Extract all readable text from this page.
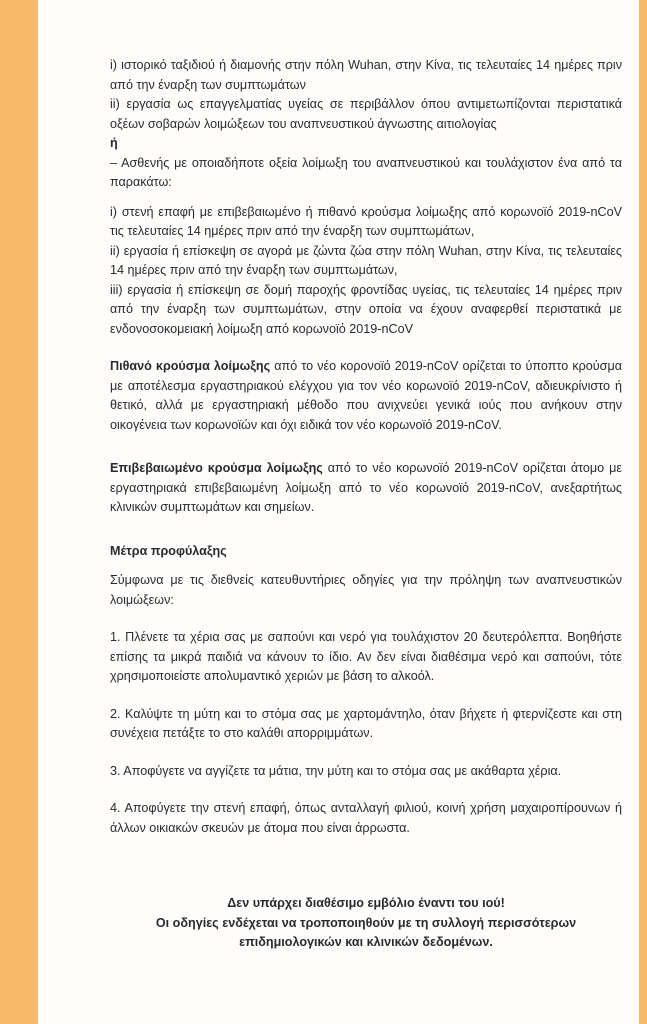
i) ιστορικό ταξιδιού ή διαμονής στην πόλη Wuhan, στην Κίνα, τις τελευταίες 14 ημέρες πριν από την έναρξη των συμπτωμάτων

ii) εργασία ως επαγγελματίας υγείας σε περιβάλλον όπου αντιμετωπίζονται περιστατικά οξέων σοβαρών λοιμώξεων του αναπνευστικού άγνωστης αιτιολογίας

ή

– Ασθενής με οποιαδήποτε οξεία λοίμωξη του αναπνευστικού και τουλάχιστον ένα από τα παρακάτω:

i) στενή επαφή με επιβεβαιωμένο ή πιθανό κρούσμα λοίμωξης από κορωνοϊό 2019-nCoV τις τελευταίες 14 ημέρες πριν από την έναρξη των συμπτωμάτων,

ii) εργασία ή επίσκεψη σε αγορά με ζώντα ζώα στην πόλη Wuhan, στην Κίνα, τις τελευταίες 14 ημέρες πριν από την έναρξη των συμπτωμάτων,

iii) εργασία ή επίσκεψη σε δομή παροχής φροντίδας υγείας, τις τελευταίες 14 ημέρες πριν από την έναρξη των συμπτωμάτων, στην οποία να έχουν αναφερθεί περιστατικά με ενδονοσοκομειακή λοίμωξη από κορωνοϊό 2019-nCoV

Πιθανό κρούσμα λοίμωξης από το νέο κορονοϊό 2019-nCoV ορίζεται το ύποπτο κρούσμα με αποτέλεσμα εργαστηριακού ελέγχου για τον νέο κορωνοϊό 2019-nCoV, αδιευκρίνιστο ή θετικό, αλλά με εργαστηριακή μέθοδο που ανιχνεύει γενικά ιούς που ανήκουν στην οικογένεια των κορωνοϊών και όχι ειδικά τον νέο κορωνοϊό 2019-nCoV.

Επιβεβαιωμένο κρούσμα λοίμωξης από το νέο κορωνοϊό 2019-nCoV ορίζεται άτομο με εργαστηριακά επιβεβαιωμένη λοίμωξη από το νέο κορωνοϊό 2019-nCoV, ανεξαρτήτως κλινικών συμπτωμάτων και σημείων.

Μέτρα προφύλαξης

Σύμφωνα με τις διεθνείς κατευθυντήριες οδηγίες για την πρόληψη των αναπνευστικών λοιμώξεων:

1. Πλένετε τα χέρια σας με σαπούνι και νερό για τουλάχιστον 20 δευτερόλεπτα. Βοηθήστε επίσης τα μικρά παιδιά να κάνουν το ίδιο. Αν δεν είναι διαθέσιμα νερό και σαπούνι, τότε χρησιμοποιείστε απολυμαντικό χεριών με βάση το αλκοόλ.

2. Καλύψτε τη μύτη και το στόμα σας με χαρτομάντηλο, όταν βήχετε ή φτερνίζεστε και στη συνέχεια πετάξτε το στο καλάθι απορριμμάτων.

3. Αποφύγετε να αγγίζετε τα μάτια, την μύτη και το στόμα σας με ακάθαρτα χέρια.

4. Αποφύγετε την στενή επαφή, όπως ανταλλαγή φιλιού, κοινή χρήση μαχαιροπίρουνων ή άλλων οικιακών σκευών με άτομα που είναι άρρωστα.

Δεν υπάρχει διαθέσιμο εμβόλιο έναντι του ιού!

Οι οδηγίες ενδέχεται να τροποποιηθούν με τη συλλογή περισσότερων επιδημιολογικών και κλινικών δεδομένων.
